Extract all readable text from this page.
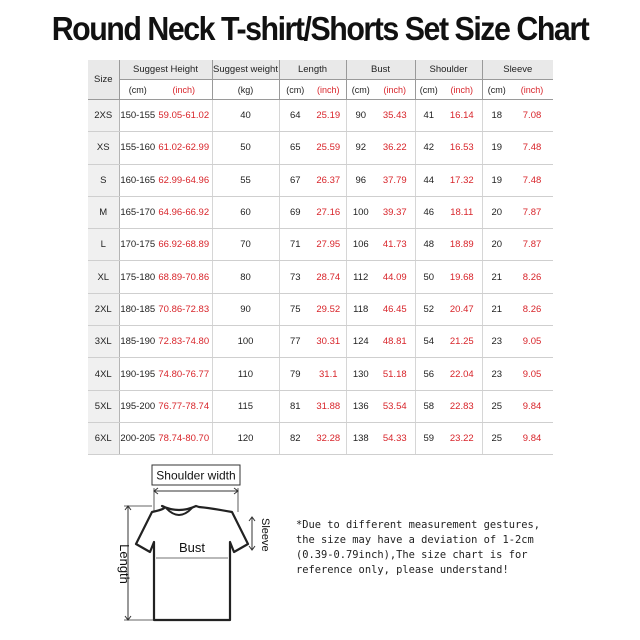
Round Neck T-shirt/Shorts Set Size Chart
Size	Suggest Height		Suggest weight	Length		Bust		Shoulder		Sleeve	
	(cm)	(inch)	(kg)	(cm)	(inch)	(cm)	(inch)	(cm)	(inch)	(cm)	(inch)
2XS	150-155	59.05-61.02	40	64	25.19	90	35.43	41	16.14	18	7.08
XS	155-160	61.02-62.99	50	65	25.59	92	36.22	42	16.53	19	7.48
S	160-165	62.99-64.96	55	67	26.37	96	37.79	44	17.32	19	7.48
M	165-170	64.96-66.92	60	69	27.16	100	39.37	46	18.11	20	7.87
L	170-175	66.92-68.89	70	71	27.95	106	41.73	48	18.89	20	7.87
XL	175-180	68.89-70.86	80	73	28.74	112	44.09	50	19.68	21	8.26
2XL	180-185	70.86-72.83	90	75	29.52	118	46.45	52	20.47	21	8.26
3XL	185-190	72.83-74.80	100	77	30.31	124	48.81	54	21.25	23	9.05
4XL	190-195	74.80-76.77	110	79	31.1	130	51.18	56	22.04	23	9.05
5XL	195-200	76.77-78.74	115	81	31.88	136	53.54	58	22.83	25	9.84
6XL	200-205	78.74-80.70	120	82	32.28	138	54.33	59	23.22	25	9.84
Shoulder width
Bust	Sleeve
Length
*Due to different measurement gestures,
the size may have a deviation of 1-2cm
(0.39-0.79inch),The size chart is for
reference only, please understand!
